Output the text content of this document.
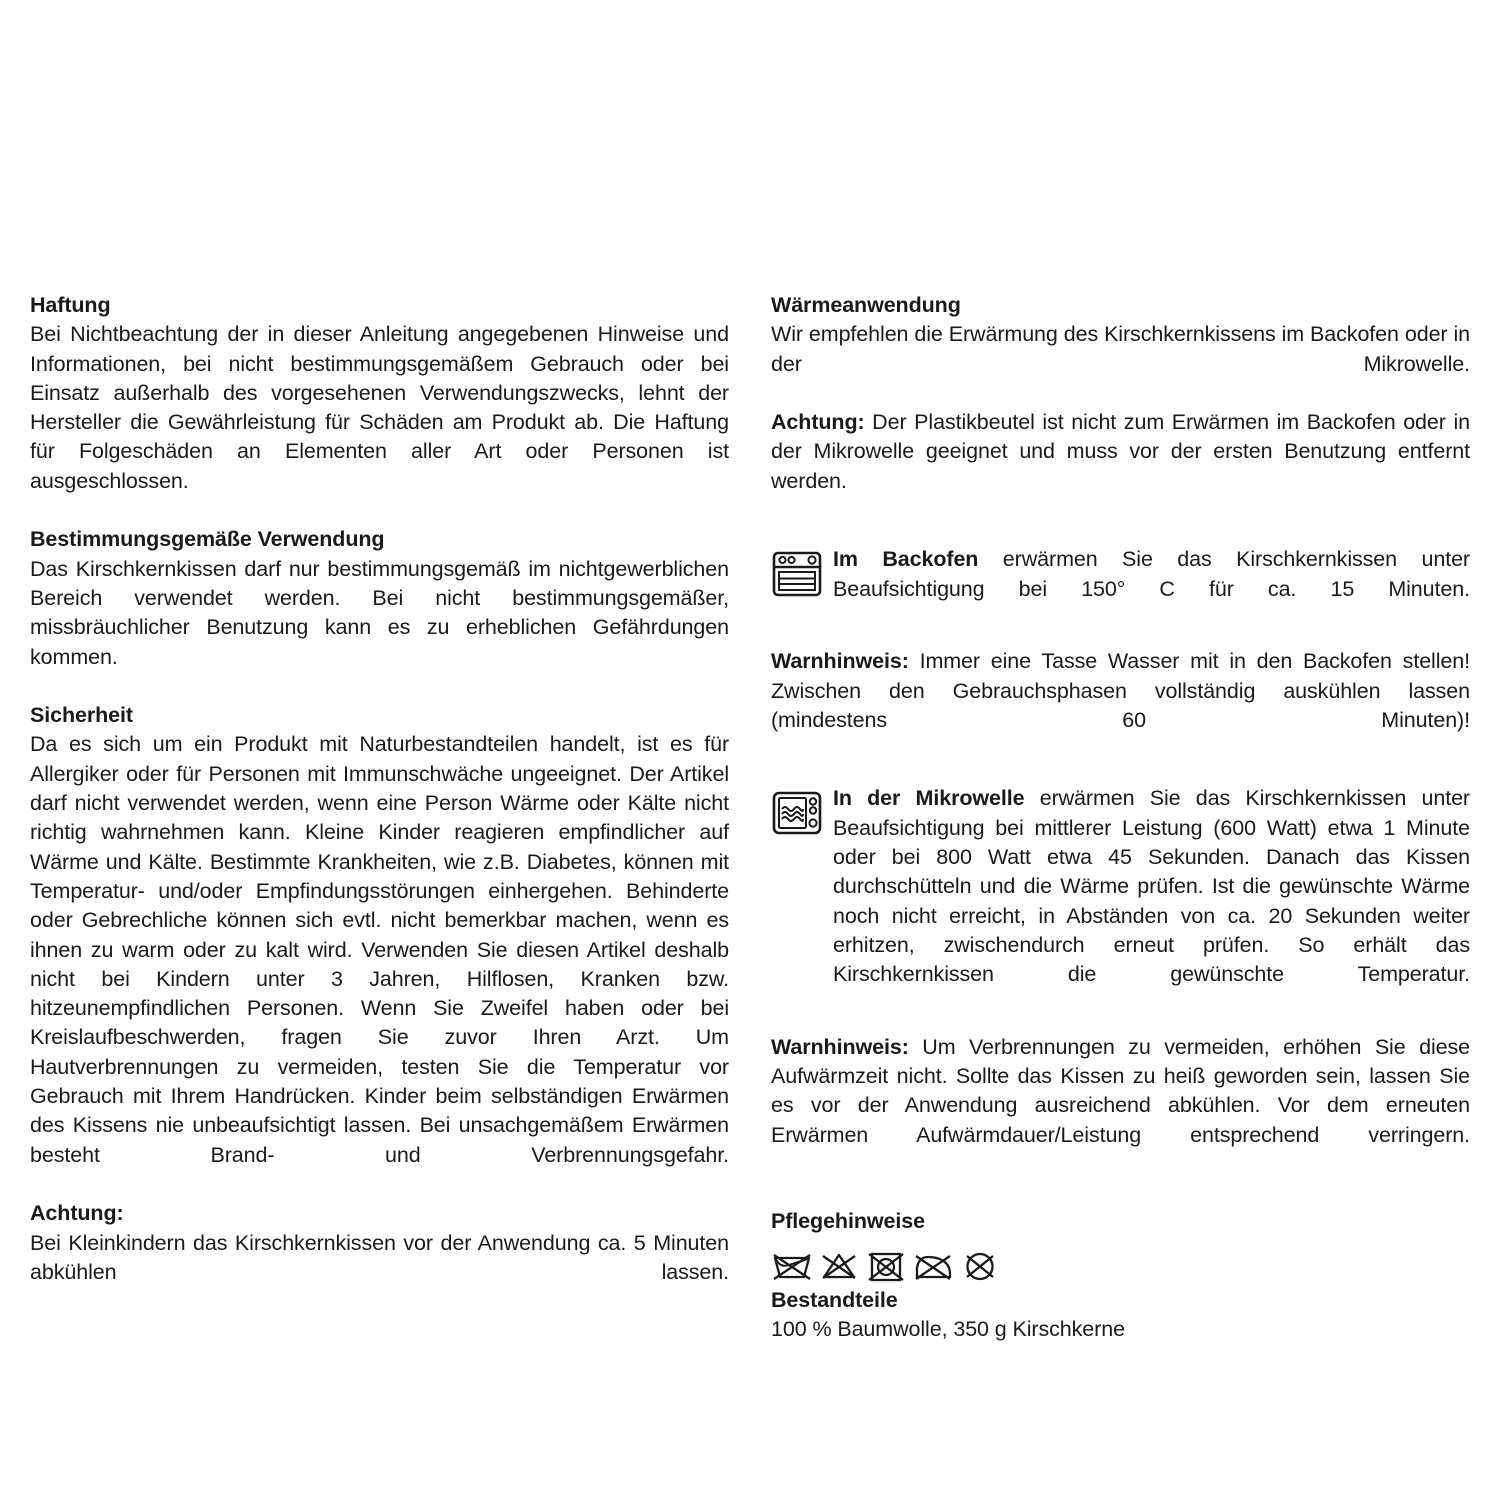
Haftung

Bei Nichtbeachtung der in dieser Anleitung angegebenen Hinweise und Informationen, bei nicht bestimmungsgemäßem Gebrauch oder bei Einsatz außerhalb des vorgesehenen Verwendungszwecks, lehnt der Hersteller die Gewährleistung für Schäden am Produkt ab. Die Haftung für Folgeschäden an Elementen aller Art oder Personen ist ausgeschlossen.

Bestimmungsgemäße Verwendung

Das Kirschkernkissen darf nur bestimmungsgemäß im nichtgewerblichen Bereich verwendet werden. Bei nicht bestimmungsgemäßer, missbräuchlicher Benutzung kann es zu erheblichen Gefährdungen kommen.

Sicherheit

Da es sich um ein Produkt mit Naturbestandteilen handelt, ist es für Allergiker oder für Personen mit Immunschwäche ungeeignet. Der Artikel darf nicht verwendet werden, wenn eine Person Wärme oder Kälte nicht richtig wahrnehmen kann. Kleine Kinder reagieren empfindlicher auf Wärme und Kälte. Bestimmte Krankheiten, wie z.B. Diabetes, können mit Temperatur- und/oder Empfindungsstörungen einhergehen. Behinderte oder Gebrechliche können sich evtl. nicht bemerkbar machen, wenn es ihnen zu warm oder zu kalt wird. Verwenden Sie diesen Artikel deshalb nicht bei Kindern unter 3 Jahren, Hilflosen, Kranken bzw. hitzeunempfindlichen Personen. Wenn Sie Zweifel haben oder bei Kreislaufbeschwerden, fragen Sie zuvor Ihren Arzt. Um Hautverbrennungen zu vermeiden, testen Sie die Temperatur vor Gebrauch mit Ihrem Handrücken. Kinder beim selbständigen Erwärmen des Kissens nie unbeaufsichtigt lassen. Bei unsachgemäßem Erwärmen besteht Brand- und Verbrennungsgefahr.

Achtung:

Bei Kleinkindern das Kirschkernkissen vor der Anwendung ca. 5 Minuten abkühlen lassen.

Wärmeanwendung

Wir empfehlen die Erwärmung des Kirschkernkissens im Backofen oder in der Mikrowelle.

Achtung: Der Plastikbeutel ist nicht zum Erwärmen im Backofen oder in der Mikrowelle geeignet und muss vor der ersten Benutzung entfernt werden.

Im Backofen erwärmen Sie das Kirschkernkissen unter Beaufsichtigung bei 150° C für ca. 15 Minuten.

Warnhinweis: Immer eine Tasse Wasser mit in den Backofen stellen! Zwischen den Gebrauchsphasen vollständig auskühlen lassen (mindestens 60 Minuten)!

In der Mikrowelle erwärmen Sie das Kirschkernkissen unter Beaufsichtigung bei mittlerer Leistung (600 Watt) etwa 1 Minute oder bei 800 Watt etwa 45 Sekunden. Danach das Kissen durchschütteln und die Wärme prüfen. Ist die gewünschte Wärme noch nicht erreicht, in Abständen von ca. 20 Sekunden weiter erhitzen, zwischendurch erneut prüfen. So erhält das Kirschkernkissen die gewünschte Temperatur.

Warnhinweis: Um Verbrennungen zu vermeiden, erhöhen Sie diese Aufwärmzeit nicht. Sollte das Kissen zu heiß geworden sein, lassen Sie es vor der Anwendung ausreichend abkühlen. Vor dem erneuten Erwärmen Aufwärmdauer/Leistung entsprechend verringern.

Pflegehinweise
Bestandteile

100 % Baumwolle, 350 g Kirschkerne
